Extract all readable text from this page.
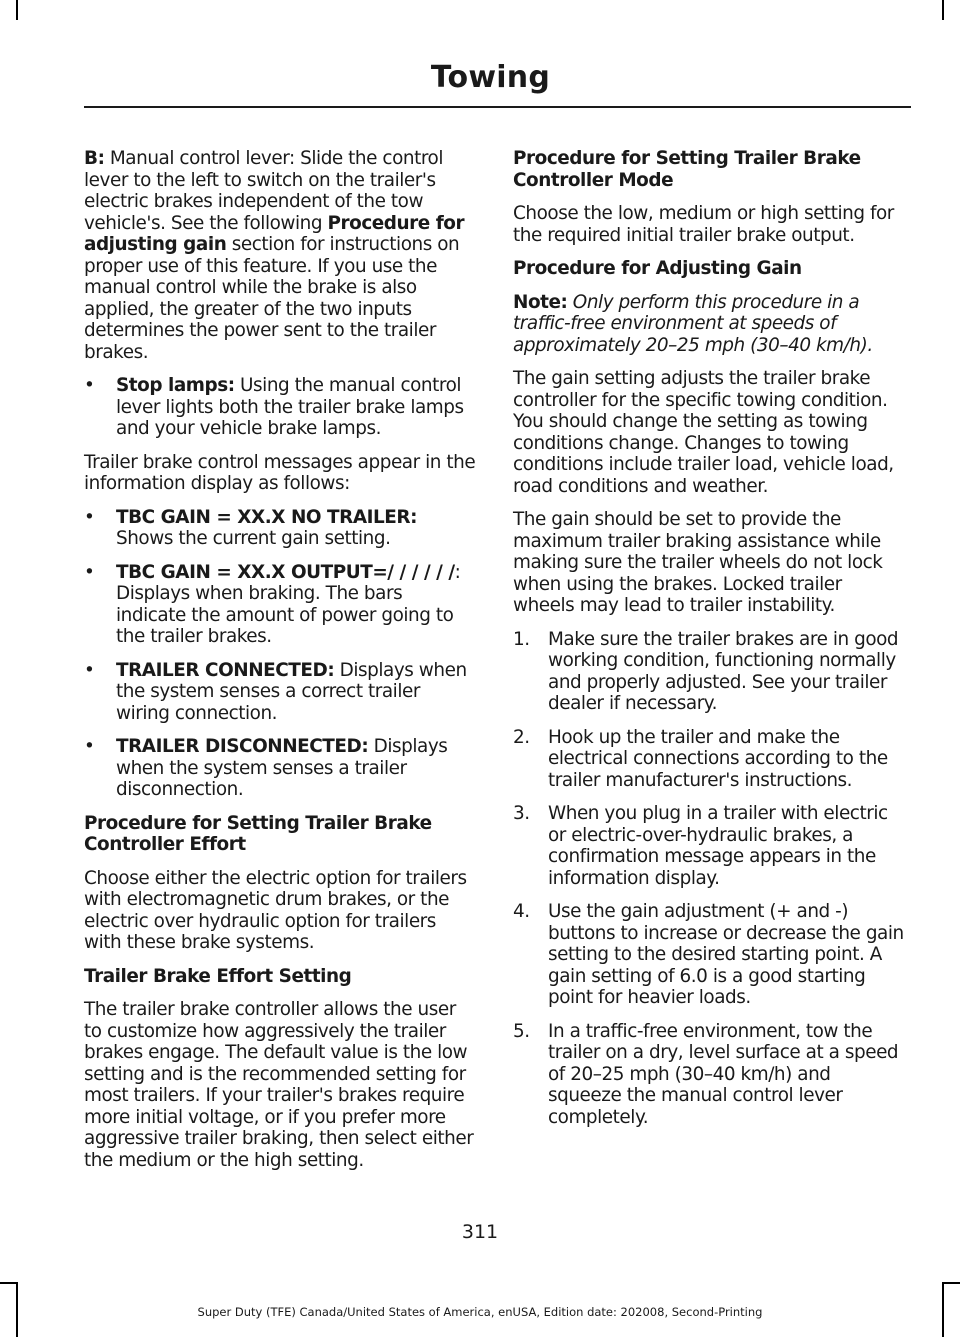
Towing

B: Manual control lever: Slide the control lever to the left to switch on the trailer's electric brakes independent of the tow vehicle's. See the following Procedure for adjusting gain section for instructions on proper use of this feature. If you use the manual control while the brake is also applied, the greater of the two inputs determines the power sent to the trailer brakes.

•	Stop lamps: Using the manual control lever lights both the trailer brake lamps and your vehicle brake lamps.

Trailer brake control messages appear in the information display as follows:

•	TBC GAIN = XX.X NO TRAILER: Shows the current gain setting.
•	TBC GAIN = XX.X OUTPUT=/ / / / / /: Displays when braking. The bars indicate the amount of power going to the trailer brakes.
•	TRAILER CONNECTED: Displays when the system senses a correct trailer wiring connection.
•	TRAILER DISCONNECTED: Displays when the system senses a trailer disconnection.
Procedure for Setting Trailer Brake Controller Effort

Choose either the electric option for trailers with electromagnetic drum brakes, or the electric over hydraulic option for trailers with these brake systems.

Trailer Brake Effort Setting

The trailer brake controller allows the user to customize how aggressively the trailer brakes engage. The default value is the low setting and is the recommended setting for most trailers. If your trailer's brakes require more initial voltage, or if you prefer more aggressive trailer braking, then select either the medium or the high setting.

Procedure for Setting Trailer Brake Controller Mode

Choose the low, medium or high setting for the required initial trailer brake output.

Procedure for Adjusting Gain

Note: Only perform this procedure in a traffic-free environment at speeds of approximately 20–25 mph (30–40 km/h).

The gain setting adjusts the trailer brake controller for the specific towing condition. You should change the setting as towing conditions change. Changes to towing conditions include trailer load, vehicle load, road conditions and weather.

The gain should be set to provide the maximum trailer braking assistance while making sure the trailer wheels do not lock when using the brakes. Locked trailer wheels may lead to trailer instability.

1. Make sure the trailer brakes are in good working condition, functioning normally and properly adjusted. See your trailer dealer if necessary.
2. Hook up the trailer and make the electrical connections according to the trailer manufacturer's instructions.
3. When you plug in a trailer with electric or electric-over-hydraulic brakes, a confirmation message appears in the information display.
4. Use the gain adjustment (+ and -) buttons to increase or decrease the gain setting to the desired starting point. A gain setting of 6.0 is a good starting point for heavier loads.
5. In a traffic-free environment, tow the trailer on a dry, level surface at a speed of 20–25 mph (30–40 km/h) and squeeze the manual control lever completely.
311
Super Duty (TFE) Canada/United States of America, enUSA, Edition date: 202008, Second-Printing
